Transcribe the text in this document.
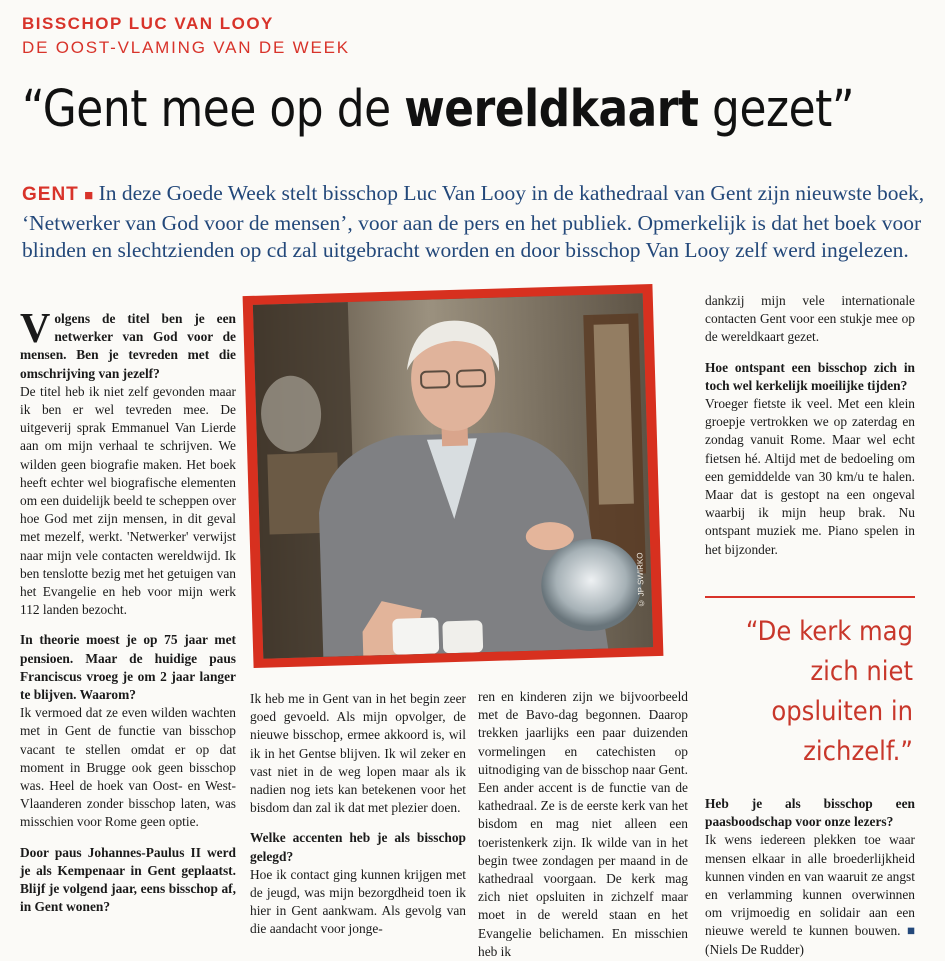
BISSCHOP LUC VAN LOOY
DE OOST-VLAMING VAN DE WEEK
“Gent mee op de wereldkaart gezet”
GENT ■ In deze Goede Week stelt bisschop Luc Van Looy in de kathedraal van Gent zijn nieuwste boek, ‘Netwerker van God voor de mensen’, voor aan de pers en het publiek. Opmerkelijk is dat het boek voor blinden en slechtzienden op cd zal uitgebracht worden en door bisschop Van Looy zelf werd ingelezen.

Volgens de titel ben je een netwerker van God voor de mensen. Ben je tevreden met die omschrijving van jezelf?

De titel heb ik niet zelf gevonden maar ik ben er wel tevreden mee. De uitgeverij sprak Emmanuel Van Lierde aan om mijn verhaal te schrijven. We wilden geen biografie maken. Het boek heeft echter wel biografische elementen om een duidelijk beeld te scheppen over hoe God met zijn mensen, in dit geval met mezelf, werkt. 'Netwerker' verwijst naar mijn vele contacten wereldwijd. Ik ben tenslotte bezig met het getuigen van het Evangelie en heb voor mijn werk 112 landen bezocht.

In theorie moest je op 75 jaar met pensioen. Maar de huidige paus Franciscus vroeg je om 2 jaar langer te blijven. Waarom?

Ik vermoed dat ze even wilden wachten met in Gent de functie van bisschop vacant te stellen omdat er op dat moment in Brugge ook geen bisschop was. Heel de hoek van Oost- en West-Vlaanderen zonder bisschop laten, was misschien voor Rome geen optie.

Door paus Johannes-Paulus II werd je als Kempenaar in Gent geplaatst. Blijf je volgend jaar, eens bisschop af, in Gent wonen?

© JP SWIRKO

Ik heb me in Gent van in het begin zeer goed gevoeld. Als mijn opvolger, de nieuwe bisschop, ermee akkoord is, wil ik in het Gentse blijven. Ik wil zeker en vast niet in de weg lopen maar als ik nadien nog iets kan betekenen voor het bisdom dan zal ik dat met plezier doen.

Welke accenten heb je als bisschop gelegd?

Hoe ik contact ging kunnen krijgen met de jeugd, was mijn bezorgdheid toen ik hier in Gent aankwam. Als gevolg van die aandacht voor jonge-

ren en kinderen zijn we bijvoorbeeld met de Bavo-dag begonnen. Daarop trekken jaarlijks een paar duizenden vormelingen en catechisten op uitnodiging van de bisschop naar Gent. Een ander accent is de functie van de kathedraal. Ze is de eerste kerk van het bisdom en mag niet alleen een toeristenkerk zijn. Ik wilde van in het begin twee zondagen per maand in de kathedraal voorgaan. De kerk mag zich niet opsluiten in zichzelf maar moet in de wereld staan en het Evangelie belichamen. En misschien heb ik

dankzij mijn vele internationale contacten Gent voor een stukje mee op de wereldkaart gezet.

Hoe ontspant een bisschop zich in toch wel kerkelijk moeilijke tijden?

Vroeger fietste ik veel. Met een klein groepje vertrokken we op zaterdag en zondag vanuit Rome. Maar wel echt fietsen hé. Altijd met de bedoeling om een gemiddelde van 30 km/u te halen. Maar dat is gestopt na een ongeval waarbij ik mijn heup brak. Nu ontspant muziek me. Piano spelen in het bijzonder.

“De kerk mag zich niet opsluiten in zichzelf.”

Heb je als bisschop een paasboodschap voor onze lezers?

Ik wens iedereen plekken toe waar mensen elkaar in alle broederlijkheid kunnen vinden en van waaruit ze angst en verlamming kunnen overwinnen om vrijmoedig en solidair aan een nieuwe wereld te kunnen bouwen. ■ (Niels De Rudder)
